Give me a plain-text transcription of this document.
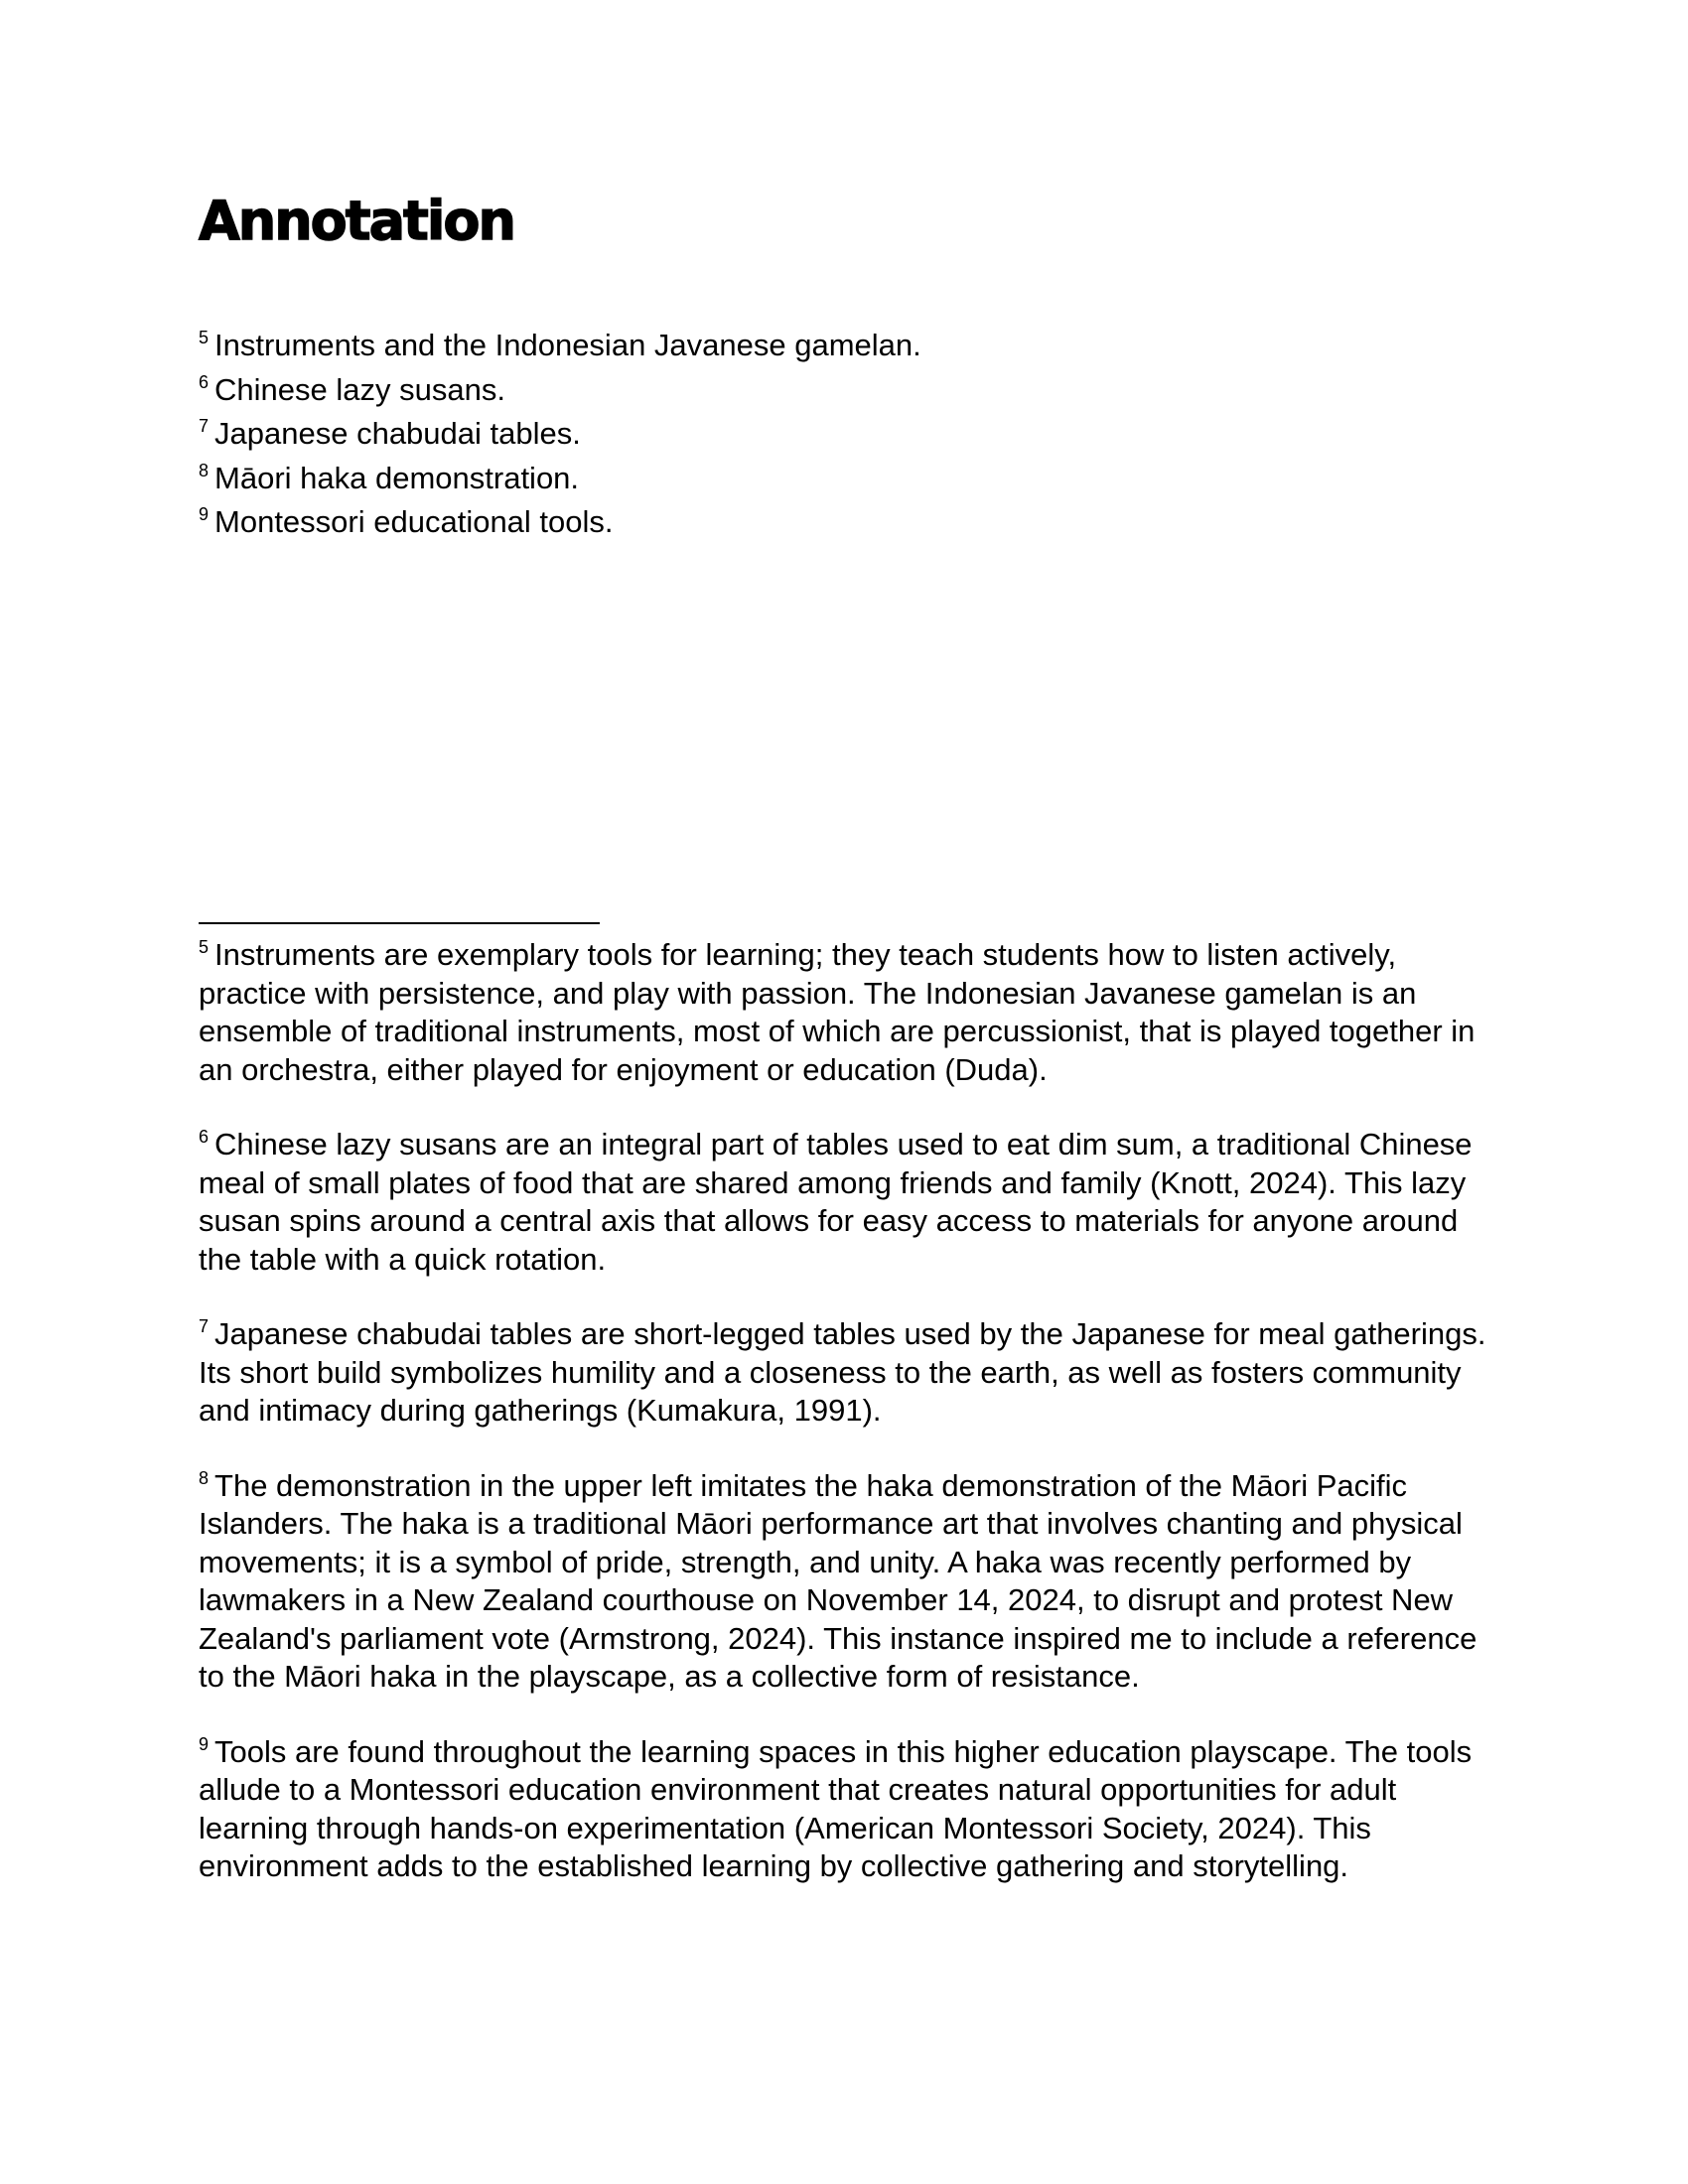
Annotation
$^5$ Instruments and the Indonesian Javanese gamelan.
$^6$ Chinese lazy susans.
$^7$ Japanese chabudai tables.
$^8$ Māori haka demonstration.
$^9$ Montessori educational tools.

$^5$ Instruments are exemplary tools for learning; they teach students how to listen actively, practice with persistence, and play with passion. The Indonesian Javanese gamelan is an ensemble of traditional instruments, most of which are percussionist, that is played together in an orchestra, either played for enjoyment or education (Duda).

$^6$ Chinese lazy susans are an integral part of tables used to eat dim sum, a traditional Chinese meal of small plates of food that are shared among friends and family (Knott, 2024). This lazy susan spins around a central axis that allows for easy access to materials for anyone around the table with a quick rotation.

$^7$ Japanese chabudai tables are short-legged tables used by the Japanese for meal gatherings. Its short build symbolizes humility and a closeness to the earth, as well as fosters community and intimacy during gatherings (Kumakura, 1991).

$^8$ The demonstration in the upper left imitates the haka demonstration of the Māori Pacific Islanders. The haka is a traditional Māori performance art that involves chanting and physical movements; it is a symbol of pride, strength, and unity. A haka was recently performed by lawmakers in a New Zealand courthouse on November 14, 2024, to disrupt and protest New Zealand's parliament vote (Armstrong, 2024). This instance inspired me to include a reference to the Māori haka in the playscape, as a collective form of resistance.

$^9$ Tools are found throughout the learning spaces in this higher education playscape. The tools allude to a Montessori education environment that creates natural opportunities for adult learning through hands-on experimentation (American Montessori Society, 2024). This environment adds to the established learning by collective gathering and storytelling.
